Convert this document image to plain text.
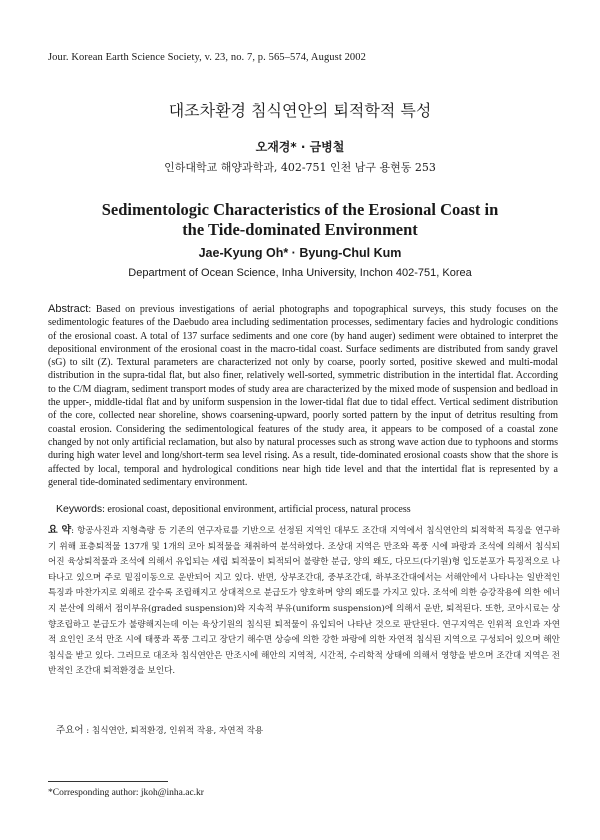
Jour. Korean Earth Science Society, v. 23, no. 7, p. 565–574, August 2002
대조차환경 침식연안의 퇴적학적 특성
오재경* · 금병철
인하대학교 해양과학과, 402-751 인천 남구 용현동 253
Sedimentologic Characteristics of the Erosional Coast in the Tide-dominated Environment
Jae-Kyung Oh* · Byung-Chul Kum
Department of Ocean Science, Inha University, Inchon 402-751, Korea
Abstract: Based on previous investigations of aerial photographs and topographical surveys, this study focuses on the sedimentologic features of the Daebudo area including sedimentation processes, sedimentary facies and hydrologic conditions of the erosional coast. A total of 137 surface sediments and one core (by hand auger) sediment were obtained to interpret the depositional environment of the erosional coast in the macro-tidal coast. Surface sediments are distributed from sandy gravel (sG) to silt (Z). Textural parameters are characterized not only by coarse, poorly sorted, positive skewed and multi-modal distribution in the supra-tidal flat, but also finer, relatively well-sorted, symmetric distribution in the intertidal flat. According to the C/M diagram, sediment transport modes of study area are characterized by the mixed mode of suspension and bedload in the upper-, middle-tidal flat and by uniform suspension in the lower-tidal flat due to tidal effect. Vertical sediment distribution of the core, collected near shoreline, shows coarsening-upward, poorly sorted pattern by the input of detritus resulting from coastal erosion. Considering the sedimentological features of the study area, it appears to be composed of a coastal zone changed by not only artificial reclamation, but also by natural processes such as strong wave action due to typhoons and storms during high water level and long/short-term sea level rising. As a result, tide-dominated erosional coasts show that the shore is affected by local, temporal and hydrological conditions near high tide level and that the intertidal flat is represented by a general tide-dominated sedimentary environment.
Keywords: erosional coast, depositional environment, artificial process, natural process
요 약: 항공사진과 지형측량 등 기존의 연구자료를 기반으로 선정된 지역인 대부도 조간대 지역에서 침식연안의 퇴적학적 특징을 연구하기 위해 표층퇴적물 137개 및 1개의 코아 퇴적물을 채취하여 분석하였다. 조상대 지역은 만조와 폭풍 시에 파랑과 조석에 의해서 침식되어진 육상퇴적물과 조석에 의해서 유입되는 세립 퇴적물이 퇴적되어 불량한 분급, 양의 왜도, 다모드(다기원)형 입도분포가 특징적으로 나타나고 있으며 주로 밑짐이동으로 운반되어 지고 있다. 반면, 상부조간대, 중부조간대, 하부조간대에서는 서해안에서 나타나는 일반적인 특징과 마찬가지로 외해로 갈수록 조립해지고 상대적으로 분급도가 양호하며 양의 왜도를 가지고 있다. 조석에 의한 승강작용에 의한 에너지 분산에 의해서 점이부유(graded suspension)와 지속적 부유(uniform suspension)에 의해서 운반, 퇴적된다. 또한, 코아시료는 상향조립하고 분급도가 불량해지는데 이는 육상기원의 침식된 퇴적물이 유입되어 나타난 것으로 판단된다. 연구지역은 인위적 요인과 자연적 요인인 조석 만조 시에 태풍과 폭풍 그리고 장단기 해수면 상승에 의한 강한 파랑에 의한 자연적 침식된 지역으로 구성되어 있으며 해안침식을 받고 있다. 그러므로 대조차 침식연안은 만조시에 해안의 지역적, 시간적, 수리학적 상태에 의해서 영향을 받으며 조간대 지역은 전반적인 조간대 퇴적환경을 보인다.
주요어 : 침식연안, 퇴적환경, 인위적 작용, 자연적 작용
*Corresponding author: jkoh@inha.ac.kr
